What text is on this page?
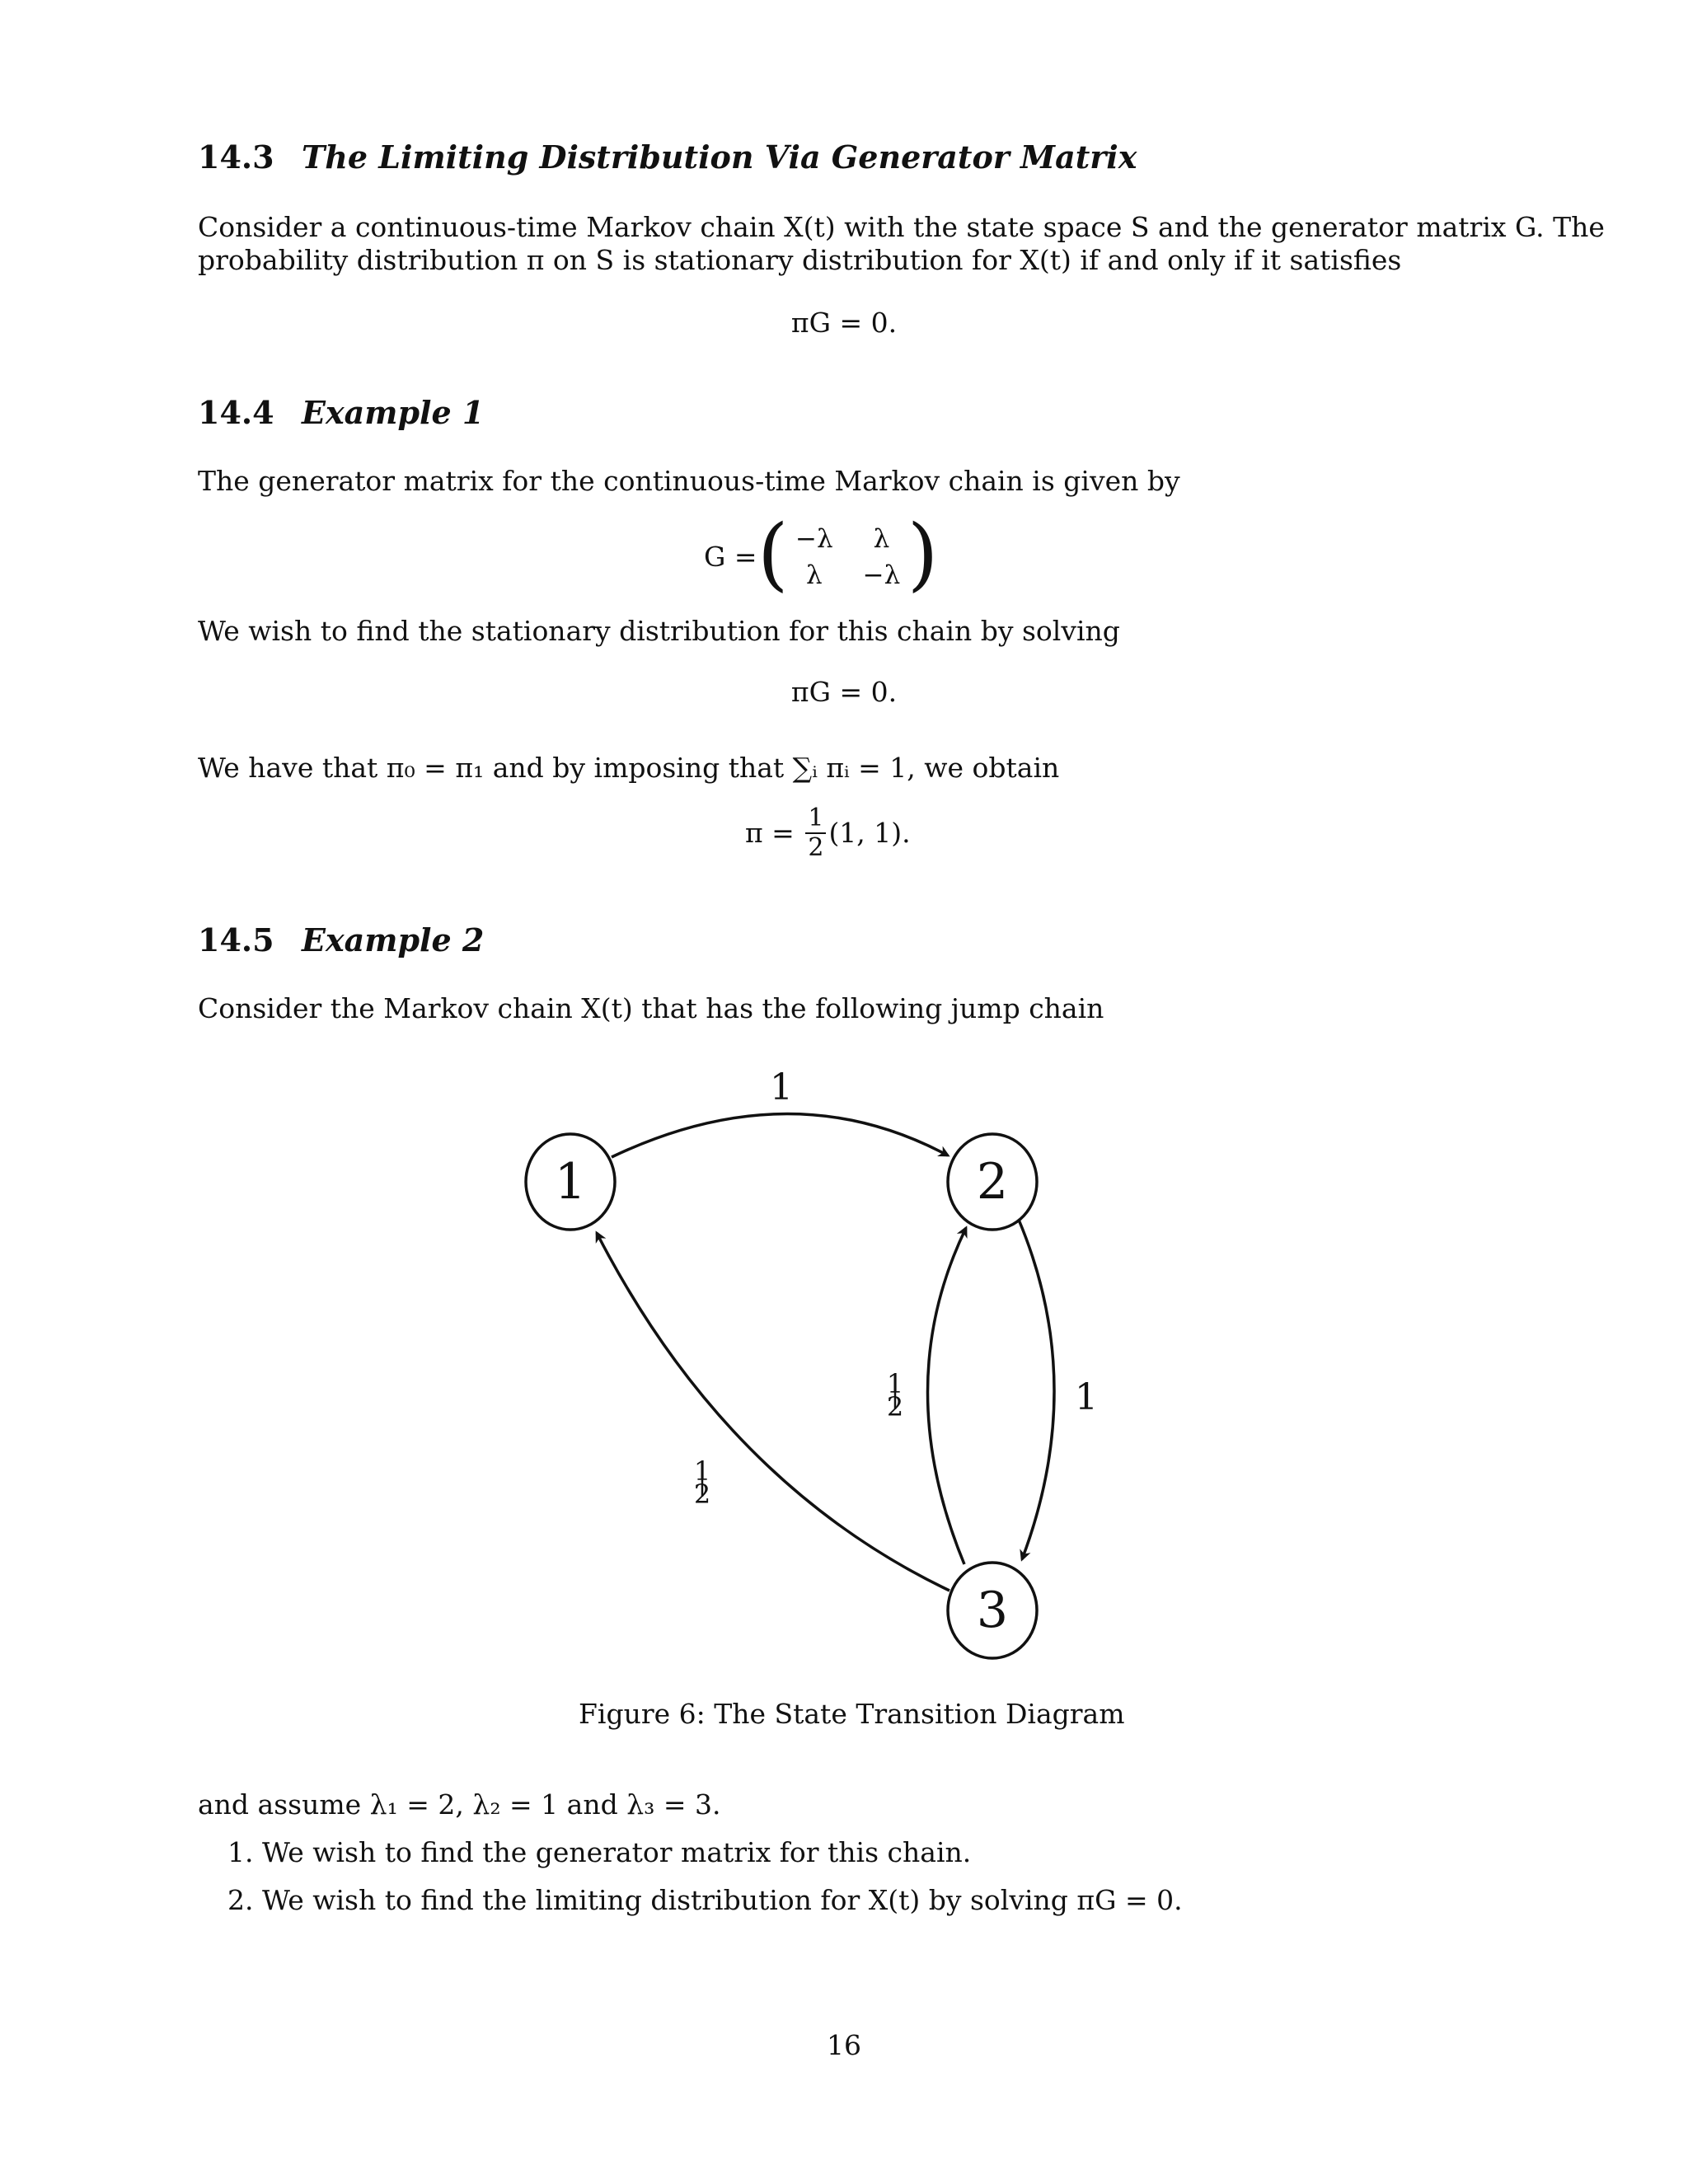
14.3 The Limiting Distribution Via Generator Matrix
Consider a continuous-time Markov chain X(t) with the state space S and the generator matrix G. The
probability distribution π on S is stationary distribution for X(t) if and only if it satisfies
πG = 0.
14.4 Example 1
The generator matrix for the continuous-time Markov chain is given by
G = ( −λ	λ
λ	−λ )
We wish to find the stationary distribution for this chain by solving
πG = 0.
We have that π₀ = π₁ and by imposing that ∑ᵢ πᵢ = 1, we obtain
$\pi = \frac{1}{2} (1$, 1).
14.5 Example 2
Consider the Markov chain X(t) that has the following jump chain
1	2
3
1
1
1
2
1
2
Figure 6: The State Transition Diagram
and assume λ₁ = 2, λ₂ = 1 and λ₃ = 3.
1. We wish to find the generator matrix for this chain.
2. We wish to find the limiting distribution for X(t) by solving πG = 0.
16
